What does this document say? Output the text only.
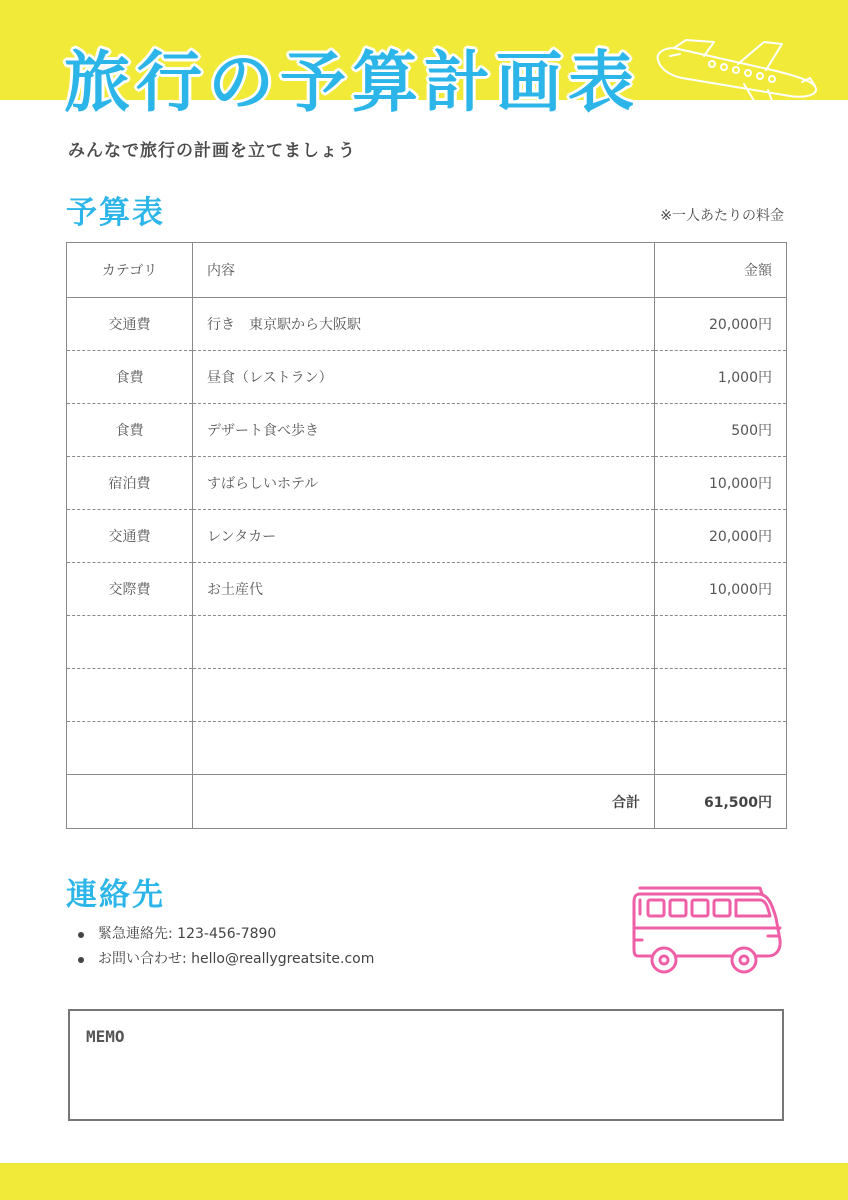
旅行の予算計画表

みんなで旅行の計画を立てましょう

予算表	※一人あたりの料金
カテゴリ	内容	金額
交通費	行き　東京駅から大阪駅	20,000円
食費	昼食（レストラン）	1,000円
食費	デザート食べ歩き	500円
宿泊費	すばらしいホテル	10,000円
交通費	レンタカー	20,000円
交際費	お土産代	10,000円

	合計	61,500円
連絡先
緊急連絡先: 123-456-7890
お問い合わせ: hello@reallygreatsite.com
MEMO
